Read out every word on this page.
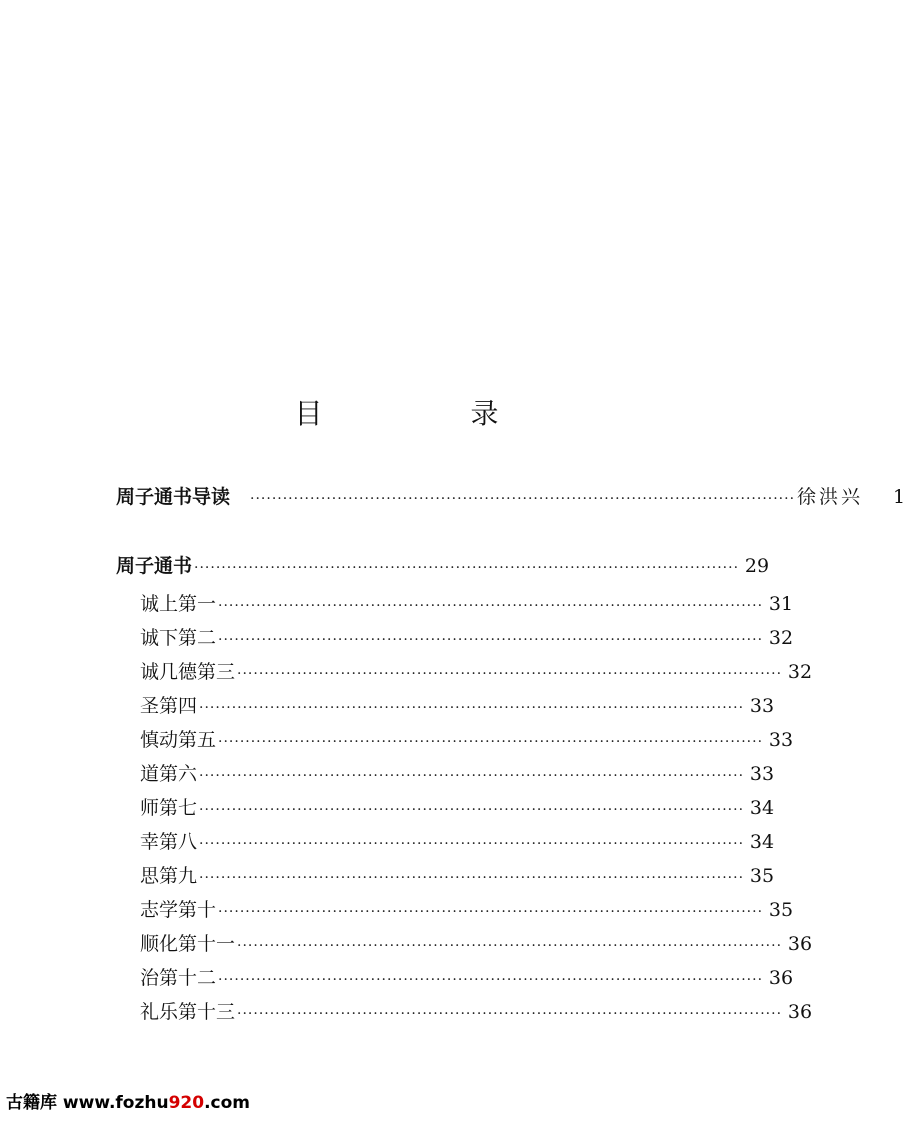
目　录
周子通书导读 ···································································································· 徐洪兴	1
周子通书 ···································································································· 29
诚上第一 ···································································································· 31
诚下第二 ···································································································· 32
诚几德第三 ···································································································· 32
圣第四 ···································································································· 33
慎动第五 ···································································································· 33
道第六 ···································································································· 33
师第七 ···································································································· 34
幸第八 ···································································································· 34
思第九 ···································································································· 35
志学第十 ···································································································· 35
顺化第十一 ···································································································· 36
治第十二 ···································································································· 36
礼乐第十三 ···································································································· 36
古籍库 www.fozhu920.com
